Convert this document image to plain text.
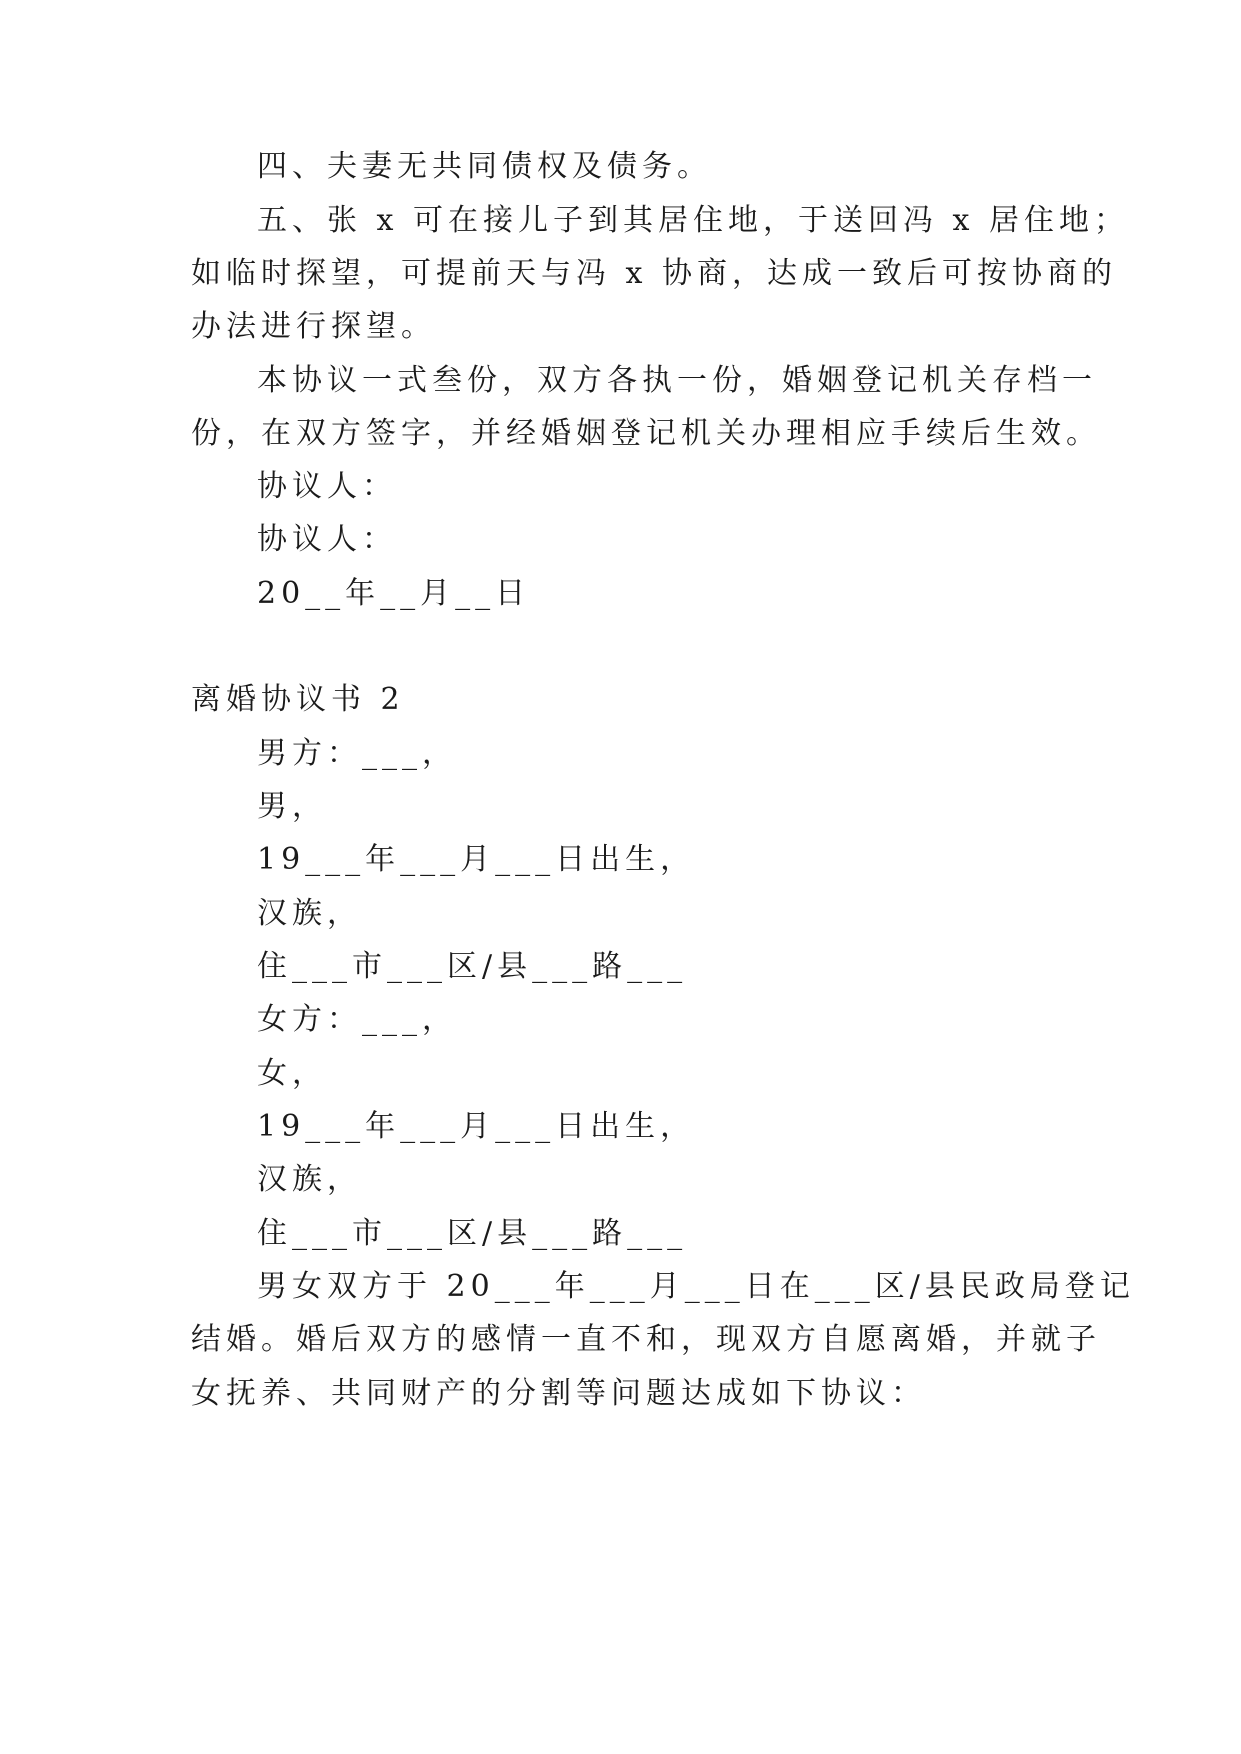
四、夫妻无共同债权及债务。

五、张 x 可在接儿子到其居住地，于送回冯 x 居住地；

如临时探望，可提前天与冯 x 协商，达成一致后可按协商的

办法进行探望。

本协议一式叁份，双方各执一份，婚姻登记机关存档一

份，在双方签字，并经婚姻登记机关办理相应手续后生效。

协议人：

协议人：

20__年__月__日

离婚协议书 2

男方：___，

男，

19___年___月___日出生，

汉族，

住___市___区/县___路___

女方：___，

女，

19___年___月___日出生，

汉族，

住___市___区/县___路___

男女双方于 20___年___月___日在___区/县民政局登记

结婚。婚后双方的感情一直不和，现双方自愿离婚，并就子

女抚养、共同财产的分割等问题达成如下协议：
